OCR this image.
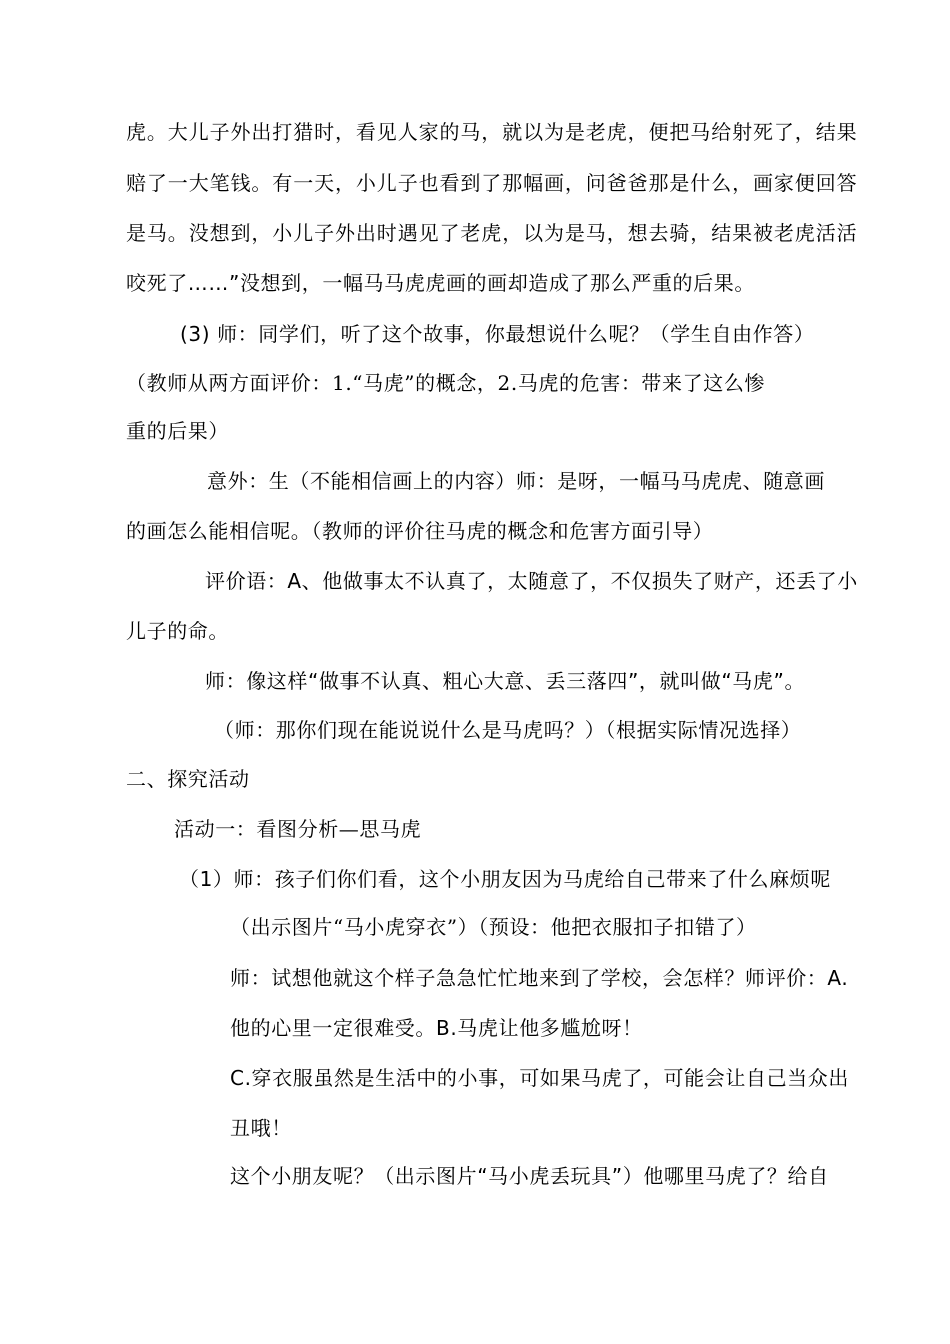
虎。大儿子外出打猎时，看见人家的马，就以为是老虎，便把马给射死了，结果
赔了一大笔钱。有一天，小儿子也看到了那幅画，问爸爸那是什么，画家便回答
是马。没想到，小儿子外出时遇见了老虎，以为是马，想去骑，结果被老虎活活
咬死了……”没想到，一幅马马虎虎画的画却造成了那么严重的后果。
(3) 师：同学们，听了这个故事，你最想说什么呢？（学生自由作答）
（教师从两方面评价：1.“马虎”的概念，2.马虎的危害：带来了这么惨
重的后果）
意外：生（不能相信画上的内容）师：是呀，一幅马马虎虎、随意画
的画怎么能相信呢。（教师的评价往马虎的概念和危害方面引导）
评价语：A、他做事太不认真了，太随意了，不仅损失了财产，还丢了小
儿子的命。
师：像这样“做事不认真、粗心大意、丢三落四”，就叫做“马虎”。
（师：那你们现在能说说什么是马虎吗？）（根据实际情况选择）
二、探究活动
活动一：看图分析—思马虎
（1）师：孩子们你们看，这个小朋友因为马虎给自己带来了什么麻烦呢
（出示图片“马小虎穿衣”）（预设：他把衣服扣子扣错了）
师：试想他就这个样子急急忙忙地来到了学校，会怎样？师评价：A.
他的心里一定很难受。B.马虎让他多尴尬呀！
C.穿衣服虽然是生活中的小事，可如果马虎了，可能会让自己当众出
丑哦！
这个小朋友呢？（出示图片“马小虎丢玩具”）他哪里马虎了？给自
